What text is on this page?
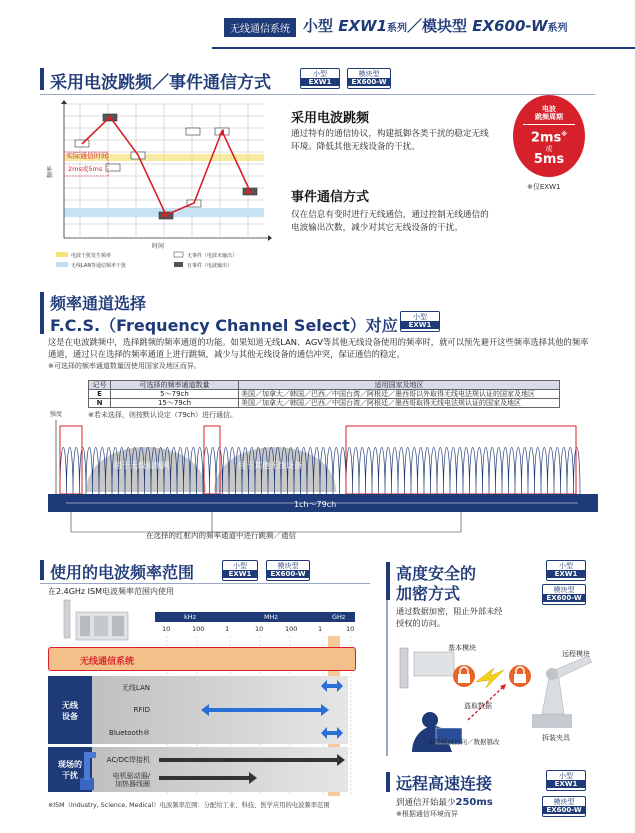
无线通信系统 小型 EXW1系列／模块型 EX600-W系列
采用电波跳频／事件通信方式	小型
EXW1
模块型
EX600-W
频率
时间
实际通信时间
2ms或5ms
电波干扰发生频率
无线LAN等通信频率干扰
无事件（电波未输出）
有事件（电波输出）
采用电波跳频
通过特有的通信协议，构建抵御各类干扰的稳定无线环境。降低其他无线设备的干扰。
事件通信方式
仅在信息有变时进行无线通信，通过控制无线通信的电波输出次数，减少对其它无线设备的干扰。
电波
跳频周期
2ms※
或
5ms
※仅EXW1
频率通道选择
F.C.S.（Frequency Channel Select）对应	小型
EXW1
这是在电波跳频中，选择跳频的频率通道的功能。如果知道无线LAN、AGV等其他无线设备使用的频率时，就可以预先避开这些频率选择其他的频率通道，通过只在选择的频率通道上进行跳频，减少与其他无线设备的通信冲突，保证通信的稳定。
※可选择的频率通道数量因使用国家及地区而异。
记号	可选择的频率通道数量	适用国家及地区
E	5～79ch	美国／加拿大／韩国／巴西／中国台湾／阿根廷／墨西哥以外取得无线电法规认证的国家及地区
N	15～79ch	美国／加拿大／韩国／巴西／中国台湾／阿根廷／墨西哥取得无线电法规认证的国家及地区
※若未选择，则按默认设定（79ch）进行通信。
强度
用于无线局域网	用于其他无线设备
1ch～79ch
在选择的红框内的频率通道中进行跳频／通信
使用的电波频率范围	小型
EXW1
模块型
EX600-W
在2.4GHz ISM电波频率范围内使用
kHz	MHz	GHz
10	100	1	10	100	1	10
无线通信系统
无线
设备
无线LAN
RFID
Bluetooth®
现场的
干扰
AC/DC焊接机
电机驱动器/
加热器线圈
※ISM（Industry, Science, Medical）电波频率范围：分配给工业、科技、医学应用的电波频率范围
高度安全的
加密方式
小型
EXW1
模块型
EX600-W
通过数据加密，阻止外部未经授权的访问。
基本模块
远程模块
盗取数据
未经授权访问／数据篡改	拆装夹具
远程高速连接	小型
EXW1
模块型
EX600-W
到通信开始最少250ms
※根据通信环境而异
